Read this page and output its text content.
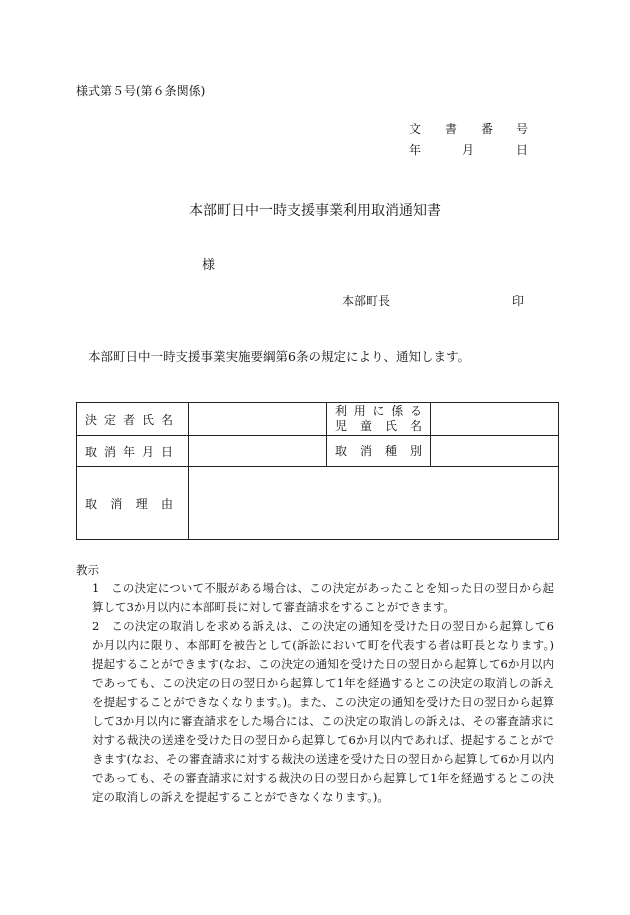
様式第５号(第６条関係)
文 書 番 号
年	月	日
本部町日中一時支援事業利用取消通知書
様
本部町長	印
本部町日中一時支援事業実施要綱第6条の規定により、通知します。
決定者氏名		利用に係る
児童氏名	

取消年月日		取消種別	

取消理由			

教示
1　この決定について不服がある場合は、この決定があったことを知った日の翌日から起算して3か月以内に本部町長に対して審査請求をすることができます。
2　この決定の取消しを求める訴えは、この決定の通知を受けた日の翌日から起算して6か月以内に限り、本部町を被告として(訴訟において町を代表する者は町長となります。)提起することができます(なお、この決定の通知を受けた日の翌日から起算して6か月以内であっても、この決定の日の翌日から起算して1年を経過するとこの決定の取消しの訴えを提起することができなくなります。)。また、この決定の通知を受けた日の翌日から起算して3か月以内に審査請求をした場合には、この決定の取消しの訴えは、その審査請求に対する裁決の送達を受けた日の翌日から起算して6か月以内であれば、提起することができます(なお、その審査請求に対する裁決の送達を受けた日の翌日から起算して6か月以内であっても、その審査請求に対する裁決の日の翌日から起算して1年を経過するとこの決定の取消しの訴えを提起することができなくなります。)。
